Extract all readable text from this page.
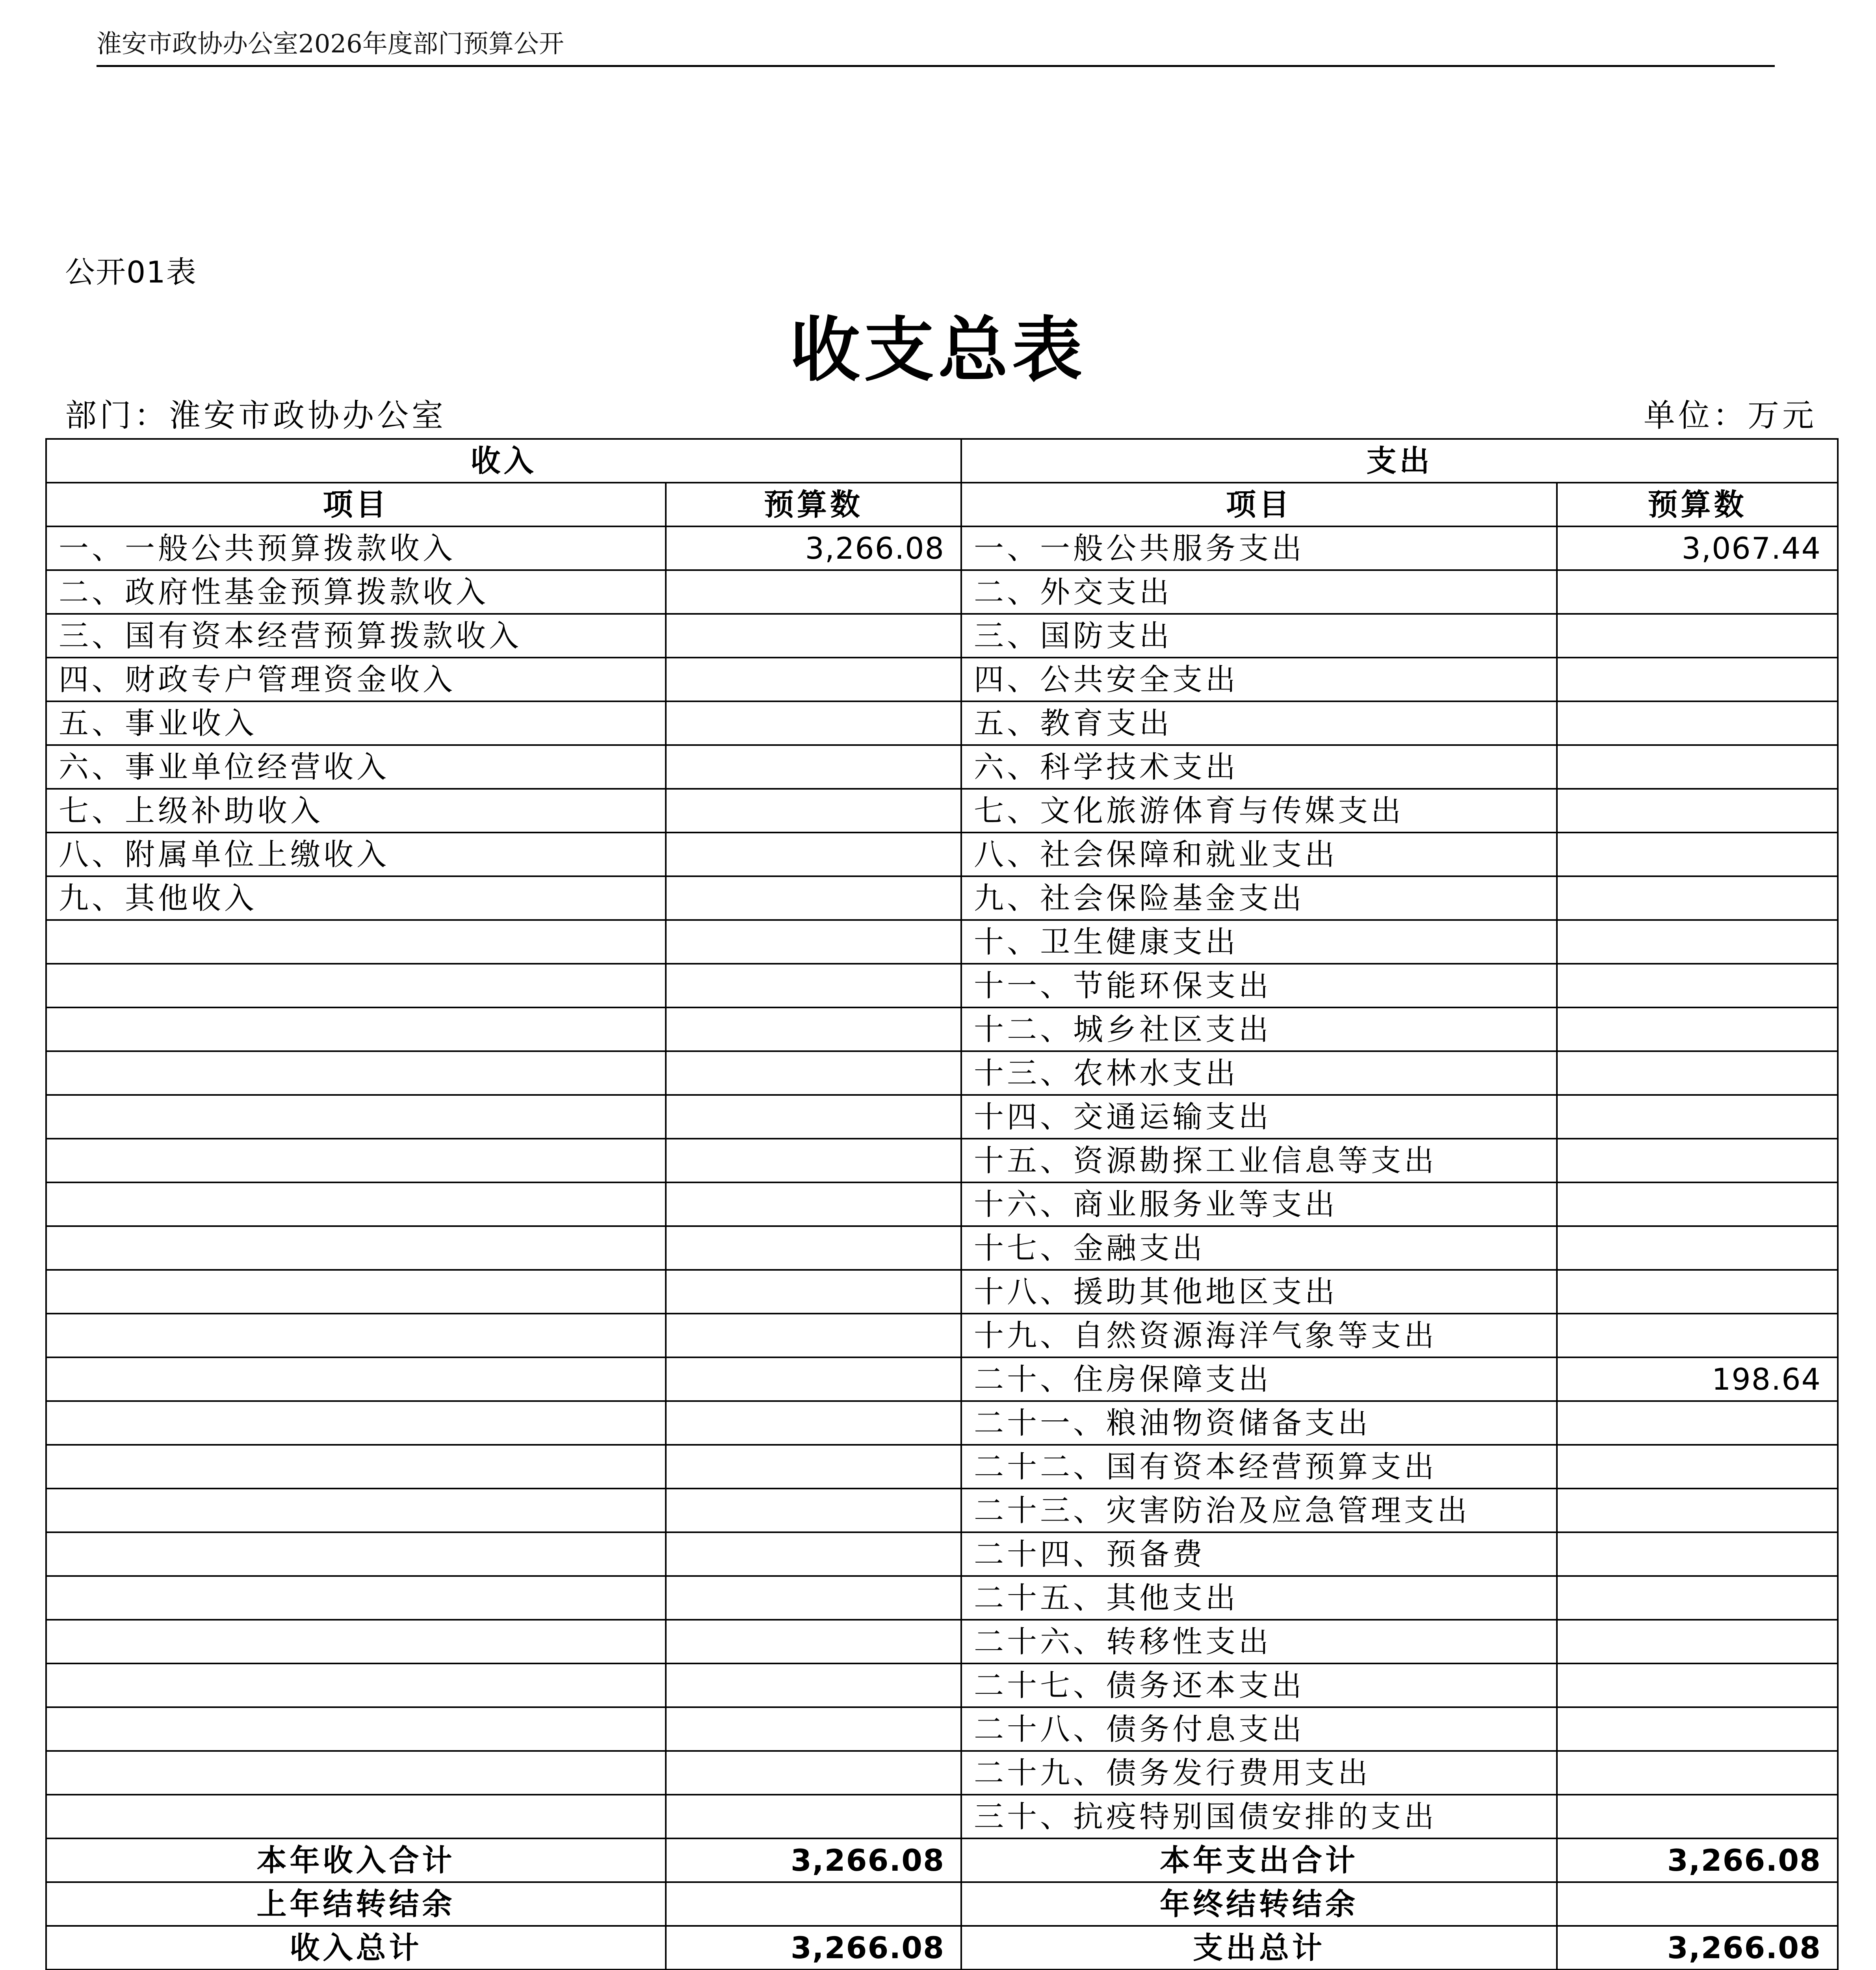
淮安市政协办公室2026年度部门预算公开
公开01表
收支总表
部门：淮安市政协办公室	单位：万元
收入		支出	
项目	预算数	项目	预算数
一、一般公共预算拨款收入	3,266.08	一、一般公共服务支出	3,067.44
二、政府性基金预算拨款收入		二、外交支出	
三、国有资本经营预算拨款收入		三、国防支出	
四、财政专户管理资金收入		四、公共安全支出	
五、事业收入		五、教育支出	
六、事业单位经营收入		六、科学技术支出	
七、上级补助收入		七、文化旅游体育与传媒支出	
八、附属单位上缴收入		八、社会保障和就业支出	
九、其他收入		九、社会保险基金支出	
		十、卫生健康支出	
		十一、节能环保支出	
		十二、城乡社区支出	
		十三、农林水支出	
		十四、交通运输支出	
		十五、资源勘探工业信息等支出	
		十六、商业服务业等支出	
		十七、金融支出	
		十八、援助其他地区支出	
		十九、自然资源海洋气象等支出	
		二十、住房保障支出	198.64
		二十一、粮油物资储备支出	
		二十二、国有资本经营预算支出	
		二十三、灾害防治及应急管理支出	
		二十四、预备费	
		二十五、其他支出	
		二十六、转移性支出	
		二十七、债务还本支出	
		二十八、债务付息支出	
		二十九、债务发行费用支出	
		三十、抗疫特别国债安排的支出	
本年收入合计	3,266.08	本年支出合计	3,266.08
上年结转结余		年终结转结余	
收入总计	3,266.08	支出总计	3,266.08
